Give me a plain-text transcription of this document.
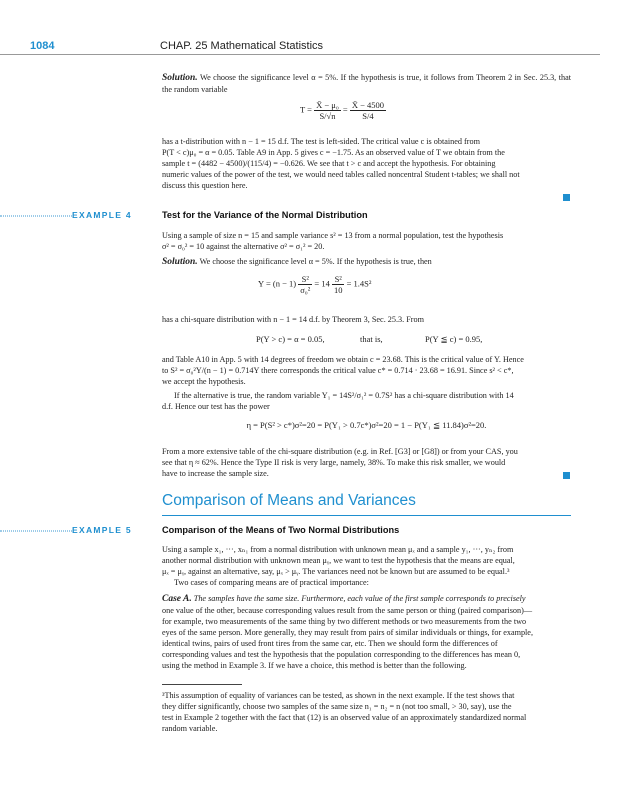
1084	CHAP. 25 Mathematical Statistics
Solution. We choose the significance level α = 5%. If the hypothesis is true, it follows from Theorem 2 in Sec. 25.3, that the random variable
$T = \frac{\text{X̄ − μ₀}}{S/√n} = \frac{X̄ - 4500}{S/4}$
has a t-distribution with n − 1 = 15 d.f. The test is left-sided. The critical value c is obtained from
P(T < c)μ₀ = α = 0.05. Table A9 in App. 5 gives c = −1.75. As an observed value of T we obtain from the
sample t = (4482 − 4500)/(115/4) = −0.626. We see that t > c and accept the hypothesis. For obtaining
numeric values of the power of the test, we would need tables called noncentral Student t-tables; we shall not
discuss this question here.
EXAMPLE 4	Test for the Variance of the Normal Distribution
Using a sample of size n = 15 and sample variance s² = 13 from a normal population, test the hypothesis
σ² = σ₀² = 10 against the alternative σ² = σ₁² = 20.
Solution. We choose the significance level α = 5%. If the hypothesis is true, then
$Y = (n - 1) \frac{\text{S²}}{\text{σ₀²}} = 14 \frac{\text{S²}}{10} = 1.4S^2$
has a chi-square distribution with n − 1 = 14 d.f. by Theorem 3, Sec. 25.3. From
P(Y > c) = α = 0.05,	that is,	P(Y ≦ c) = 0.95,
and Table A10 in App. 5 with 14 degrees of freedom we obtain c = 23.68. This is the critical value of Y. Hence
to S² = σ₀²Y/(n − 1) = 0.714Y there corresponds the critical value c* = 0.714 · 23.68 = 16.91. Since s² < c*,
we accept the hypothesis.
If the alternative is true, the random variable Y₁ = 14S²/σ₁² = 0.7S² has a chi-square distribution with 14
d.f. Hence our test has the power
η = P(S² > c*)σ²=20 = P(Y₁ > 0.7c*)σ²=20 = 1 − P(Y₁ ≦ 11.84)σ²=20.
From a more extensive table of the chi-square distribution (e.g. in Ref. [G3] or [G8]) or from your CAS, you
see that η ≈ 62%. Hence the Type II risk is very large, namely, 38%. To make this risk smaller, we would
have to increase the sample size.
Comparison of Means and Variances
EXAMPLE 5	Comparison of the Means of Two Normal Distributions
Using a sample x₁, ···, xₙ₁ from a normal distribution with unknown mean μₓ and a sample y₁, ···, yₙ₂ from
another normal distribution with unknown mean μᵧ, we want to test the hypothesis that the means are equal,
μₓ = μᵧ, against an alternative, say, μₓ > μᵧ. The variances need not be known but are assumed to be equal.³
Two cases of comparing means are of practical importance:
Case A. The samples have the same size. Furthermore, each value of the first sample corresponds to precisely
one value of the other, because corresponding values result from the same person or thing (paired comparison)—
for example, two measurements of the same thing by two different methods or two measurements from the two
eyes of the same person. More generally, they may result from pairs of similar individuals or things, for example,
identical twins, pairs of used front tires from the same car, etc. Then we should form the differences of
corresponding values and test the hypothesis that the population corresponding to the differences has mean 0,
using the method in Example 3. If we have a choice, this method is better than the following.
³This assumption of equality of variances can be tested, as shown in the next example. If the test shows that
they differ significantly, choose two samples of the same size n₁ = n₂ = n (not too small, > 30, say), use the
test in Example 2 together with the fact that (12) is an observed value of an approximately standardized normal
random variable.
